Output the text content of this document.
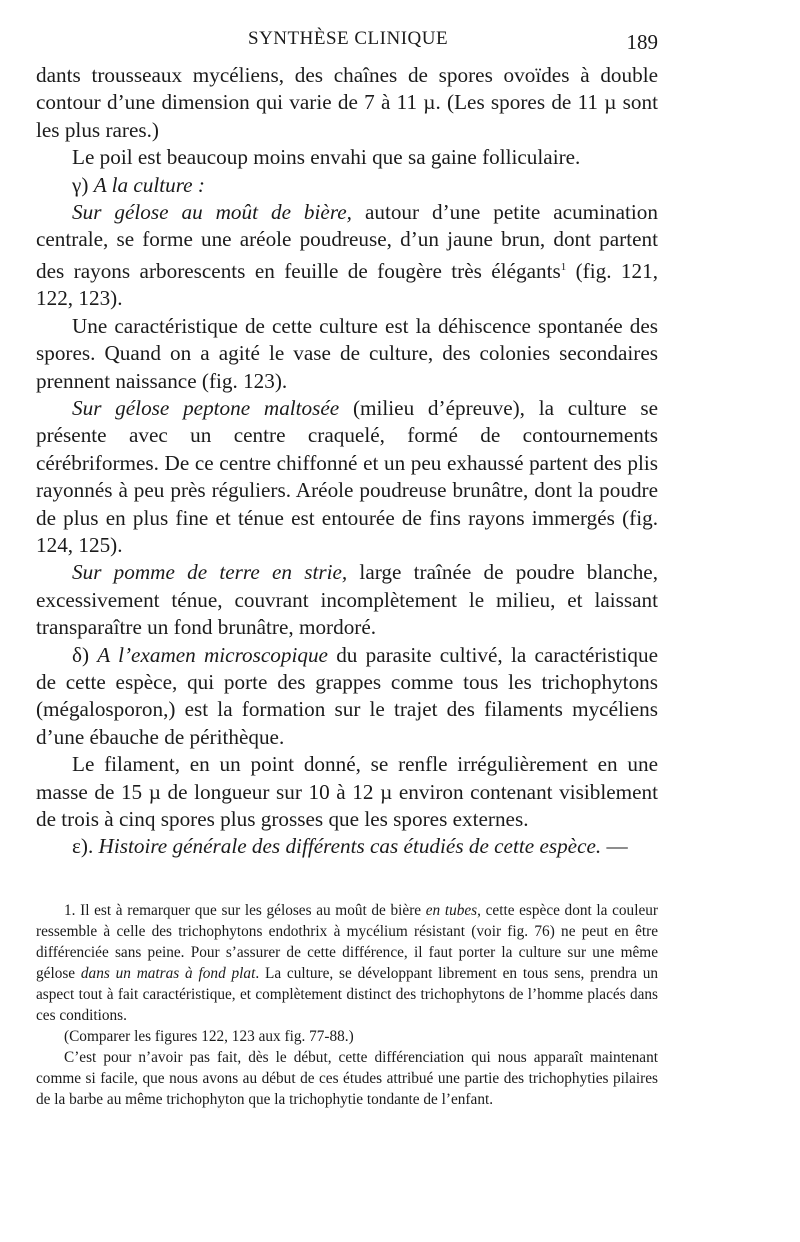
SYNTHÈSE CLINIQUE	189

dants trousseaux mycéliens, des chaînes de spores ovoïdes à double contour d’une dimension qui varie de 7 à 11 µ. (Les spores de 11 µ sont les plus rares.)

Le poil est beaucoup moins envahi que sa gaine folliculaire.

γ) A la culture :

Sur gélose au moût de bière, autour d’une petite acumination centrale, se forme une aréole poudreuse, d’un jaune brun, dont partent des rayons arborescents en feuille de fougère très élégants$^1$ (fig. 121, 122, 123).

Une caractéristique de cette culture est la déhiscence spontanée des spores. Quand on a agité le vase de culture, des colonies secondaires prennent naissance (fig. 123).

Sur gélose peptone maltosée (milieu d’épreuve), la culture se présente avec un centre craquelé, formé de contournements cérébriformes. De ce centre chiffonné et un peu exhaussé partent des plis rayonnés à peu près réguliers. Aréole poudreuse brunâtre, dont la poudre de plus en plus fine et ténue est entourée de fins rayons immergés (fig. 124, 125).

Sur pomme de terre en strie, large traînée de poudre blanche, excessivement ténue, couvrant incomplètement le milieu, et laissant transparaître un fond brunâtre, mordoré.

δ) A l’examen microscopique du parasite cultivé, la caractéristique de cette espèce, qui porte des grappes comme tous les trichophytons (mégalosporon,) est la formation sur le trajet des filaments mycéliens d’une ébauche de périthèque.

Le filament, en un point donné, se renfle irrégulièrement en une masse de 15 µ de longueur sur 10 à 12 µ environ contenant visiblement de trois à cinq spores plus grosses que les spores externes.

ε). Histoire générale des différents cas étudiés de cette espèce. —

1. Il est à remarquer que sur les géloses au moût de bière en tubes, cette espèce dont la couleur ressemble à celle des trichophytons endothrix à mycélium résistant (voir fig. 76) ne peut en être différenciée sans peine. Pour s’assurer de cette différence, il faut porter la culture sur une même gélose dans un matras à fond plat. La culture, se développant librement en tous sens, prendra un aspect tout à fait caractéristique, et complètement distinct des trichophytons de l’homme placés dans ces conditions.

(Comparer les figures 122, 123 aux fig. 77-88.)

C’est pour n’avoir pas fait, dès le début, cette différenciation qui nous apparaît maintenant comme si facile, que nous avons au début de ces études attribué une partie des trichophyties pilaires de la barbe au même trichophyton que la trichophytie tondante de l’enfant.
